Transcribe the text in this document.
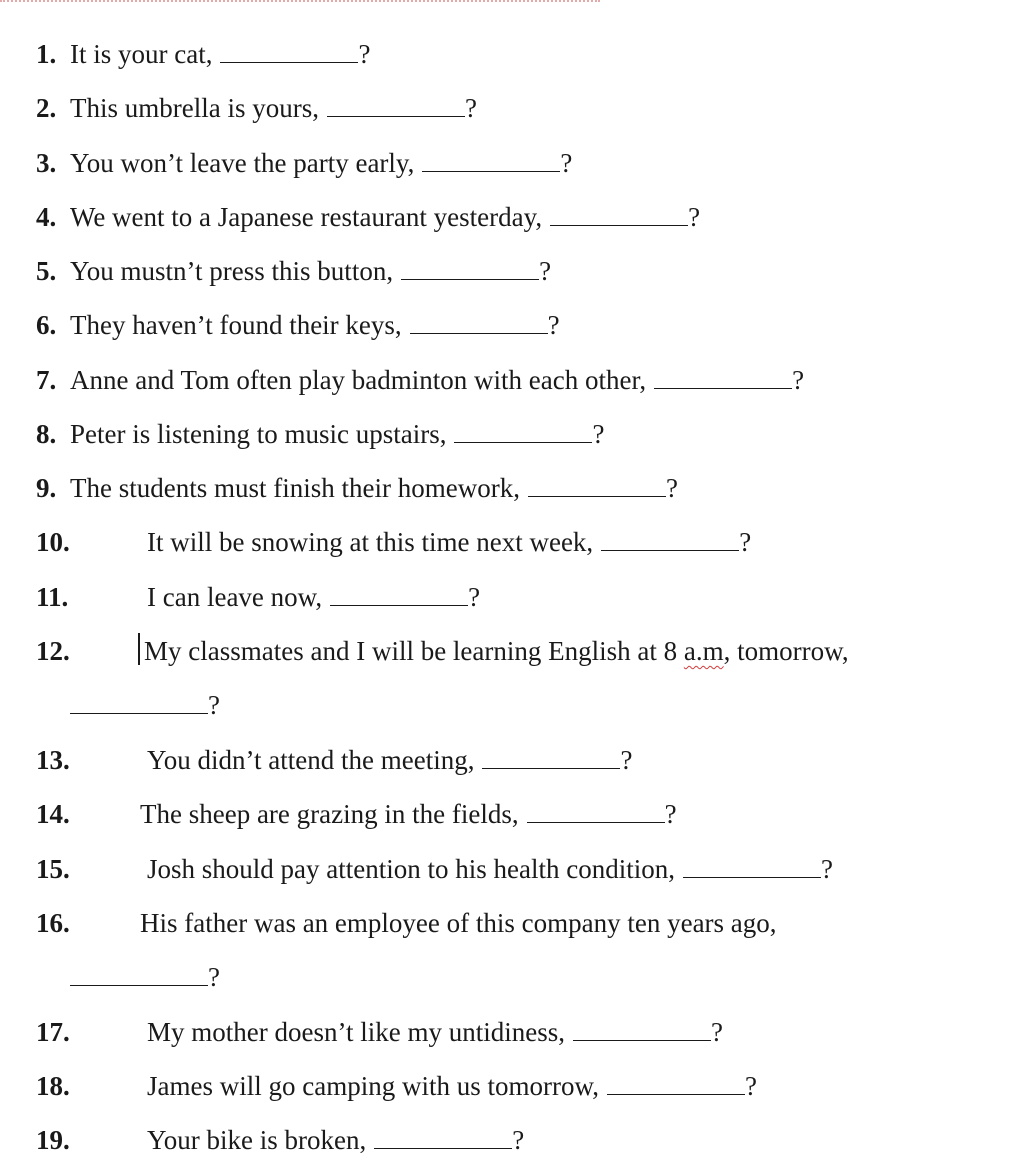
1. It is your cat,	?
2. This umbrella is yours,	?
3. You won’t leave the party early,	?
4. We went to a Japanese restaurant yesterday,	?
5. You mustn’t press this button,	?
6. They haven’t found their keys,	?
7. Anne and Tom often play badminton with each other,	?
8. Peter is listening to music upstairs,	?
9. The students must finish their homework,	?
10.	It will be snowing at this time next week,	?
11.	I can leave now,	?
12.	My classmates and I will be learning English at 8 a.m, tomorrow,
?
13.	You didn’t attend the meeting,	?
14.	The sheep are grazing in the fields,	?
15.	Josh should pay attention to his health condition,	?
16.	His father was an employee of this company ten years ago,
?
17.	My mother doesn’t like my untidiness,	?
18.	James will go camping with us tomorrow,	?
19.	Your bike is broken,	?
